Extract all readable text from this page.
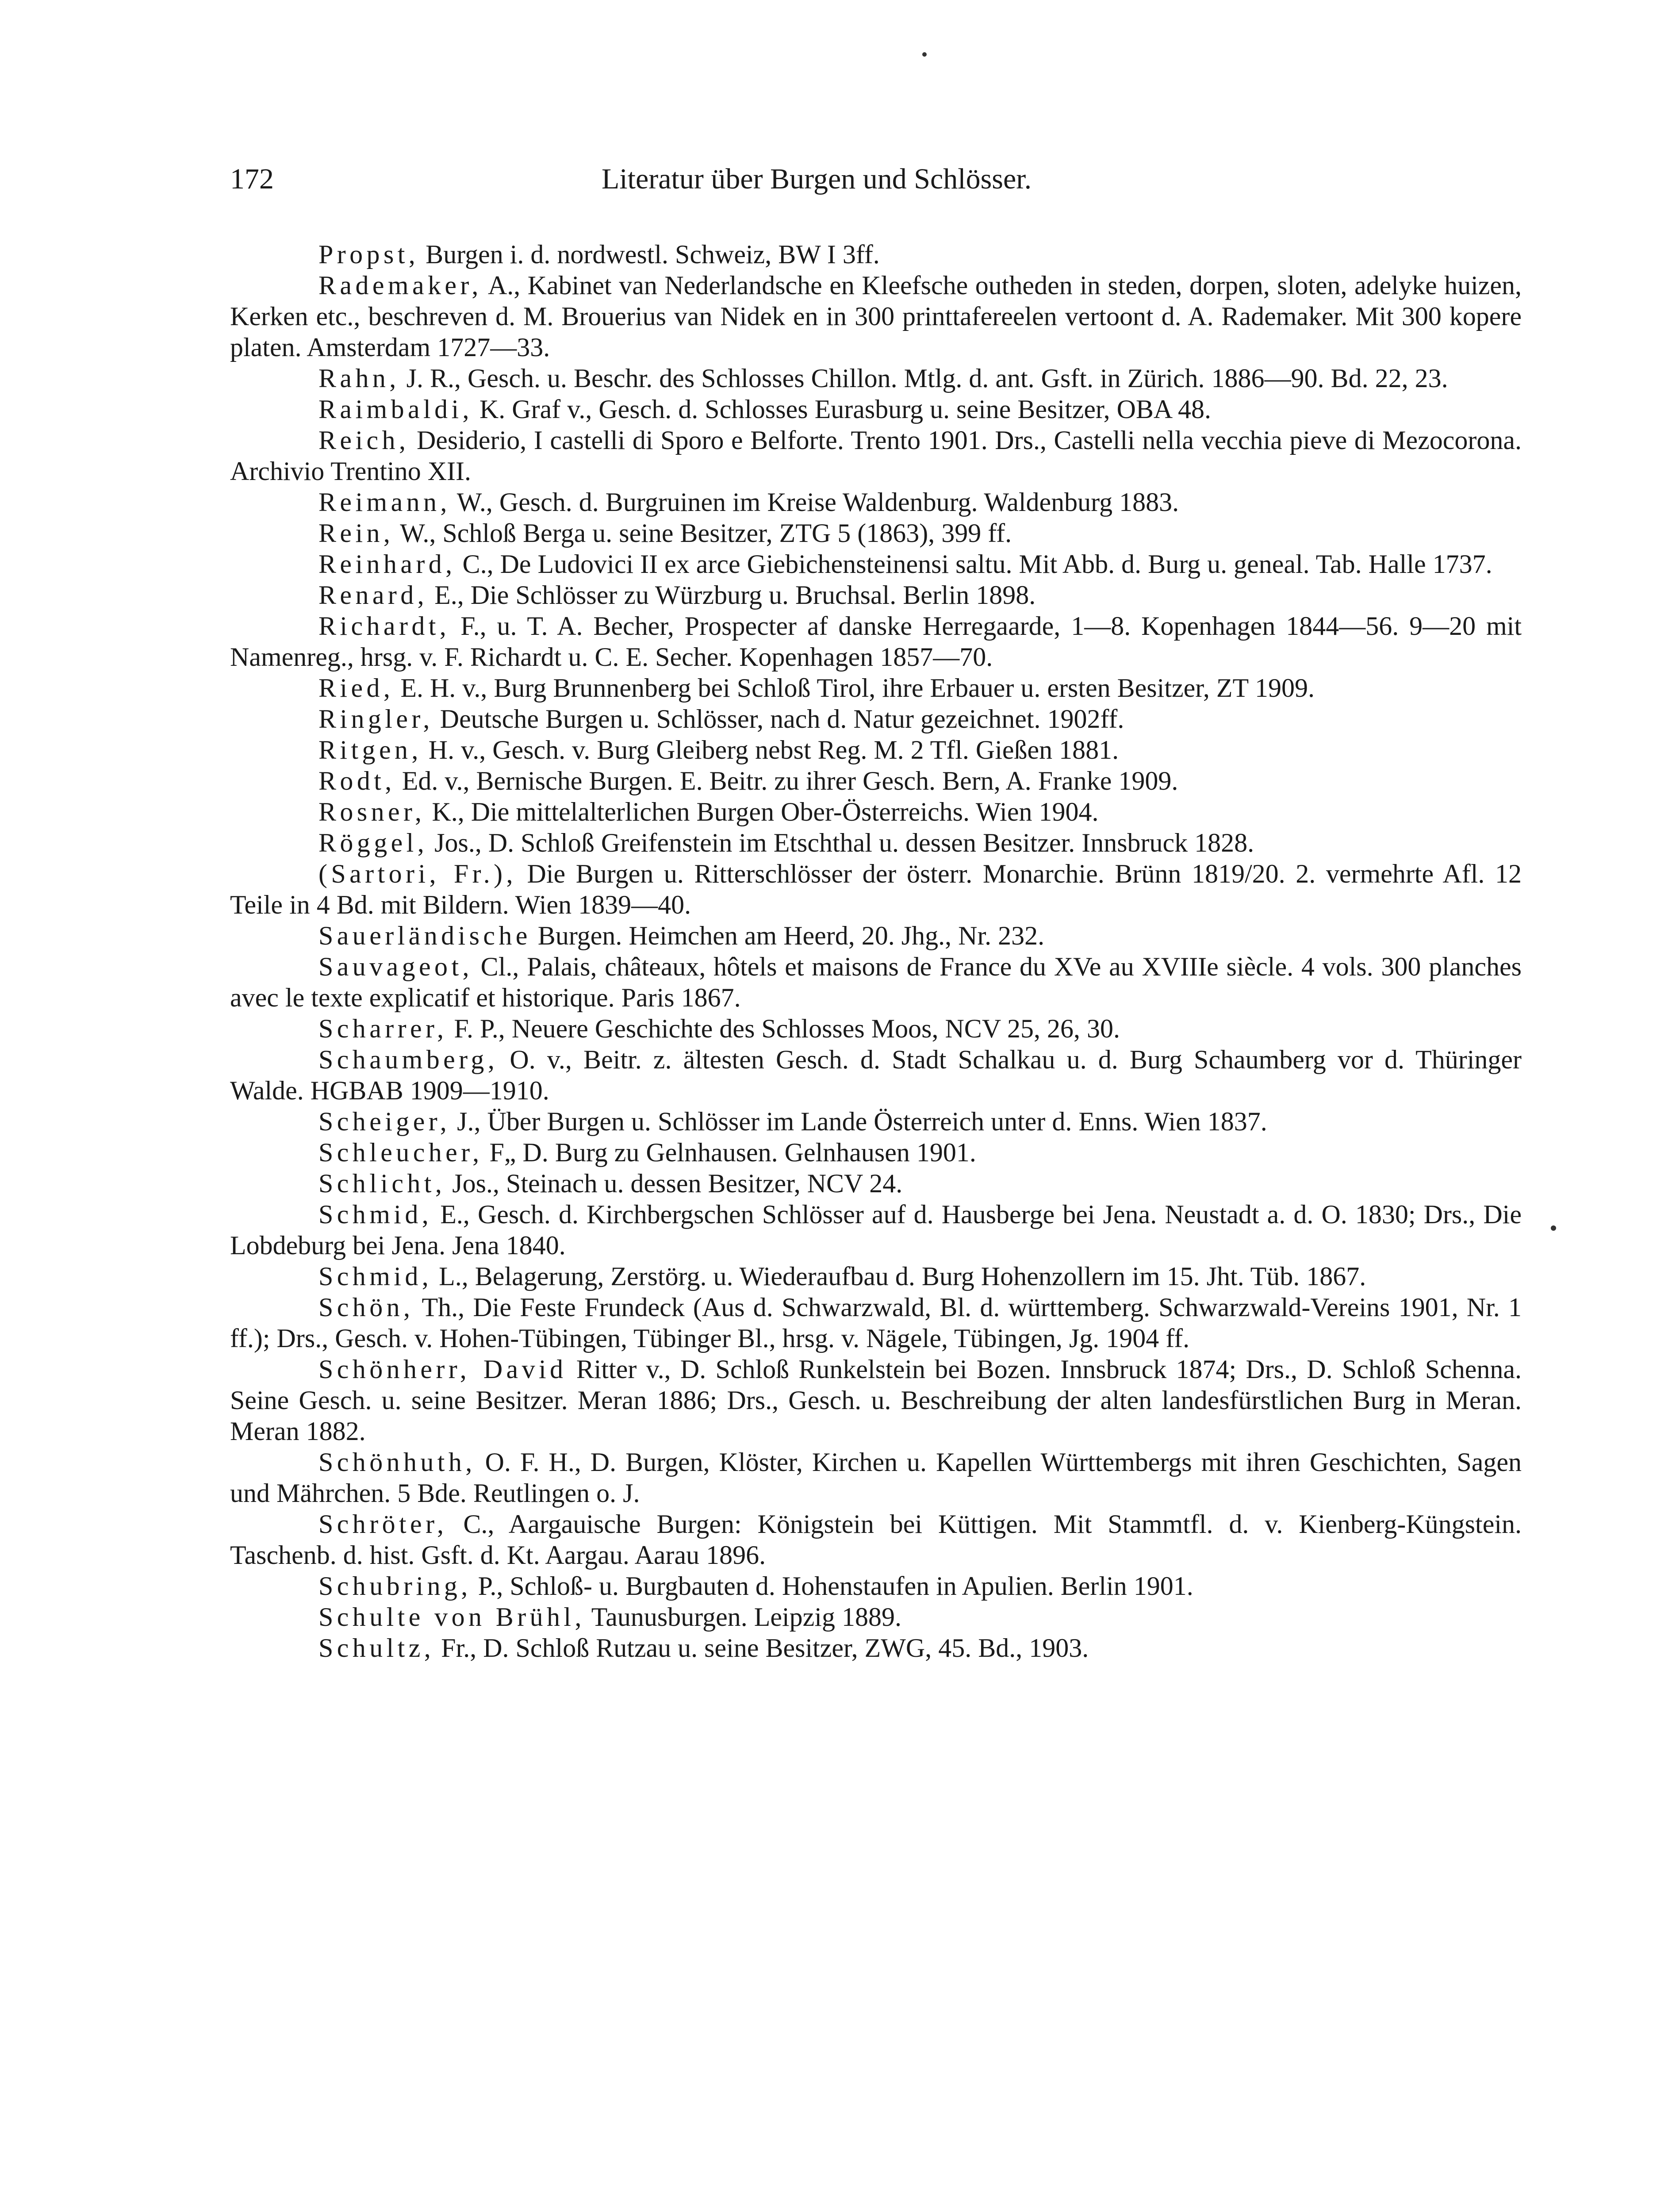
172	Literatur über Burgen und Schlösser.

Propst, Burgen i. d. nordwestl. Schweiz, BW I 3ff.

Rademaker, A., Kabinet van Nederlandsche en Kleefsche outheden in steden, dorpen, sloten, adelyke huizen, Kerken etc., beschreven d. M. Brouerius van Nidek en in 300 printtafereelen vertoont d. A. Rademaker. Mit 300 kopere platen. Amsterdam 1727—33.

Rahn, J. R., Gesch. u. Beschr. des Schlosses Chillon. Mtlg. d. ant. Gsft. in Zürich. 1886—90. Bd. 22, 23.

Raimbaldi, K. Graf v., Gesch. d. Schlosses Eurasburg u. seine Besitzer, OBA 48.

Reich, Desiderio, I castelli di Sporo e Belforte. Trento 1901. Drs., Castelli nella vecchia pieve di Mezocorona. Archivio Trentino XII.

Reimann, W., Gesch. d. Burgruinen im Kreise Waldenburg. Waldenburg 1883.

Rein, W., Schloß Berga u. seine Besitzer, ZTG 5 (1863), 399 ff.

Reinhard, C., De Ludovici II ex arce Giebichensteinensi saltu. Mit Abb. d. Burg u. geneal. Tab. Halle 1737.

Renard, E., Die Schlösser zu Würzburg u. Bruchsal. Berlin 1898.

Richardt, F., u. T. A. Becher, Prospecter af danske Herregaarde, 1—8. Kopenhagen 1844—56. 9—20 mit Namenreg., hrsg. v. F. Richardt u. C. E. Secher. Kopenhagen 1857—70.

Ried, E. H. v., Burg Brunnenberg bei Schloß Tirol, ihre Erbauer u. ersten Besitzer, ZT 1909.

Ringler, Deutsche Burgen u. Schlösser, nach d. Natur gezeichnet. 1902ff.

Ritgen, H. v., Gesch. v. Burg Gleiberg nebst Reg. M. 2 Tfl. Gießen 1881.

Rodt, Ed. v., Bernische Burgen. E. Beitr. zu ihrer Gesch. Bern, A. Franke 1909.

Rosner, K., Die mittelalterlichen Burgen Ober-Österreichs. Wien 1904.

Röggel, Jos., D. Schloß Greifenstein im Etschthal u. dessen Besitzer. Innsbruck 1828.

(Sartori, Fr.), Die Burgen u. Ritterschlösser der österr. Monarchie. Brünn 1819/20. 2. vermehrte Afl. 12 Teile in 4 Bd. mit Bildern. Wien 1839—40.

Sauerländische Burgen. Heimchen am Heerd, 20. Jhg., Nr. 232.

Sauvageot, Cl., Palais, châteaux, hôtels et maisons de France du XVe au XVIIIe siècle. 4 vols. 300 planches avec le texte explicatif et historique. Paris 1867.

Scharrer, F. P., Neuere Geschichte des Schlosses Moos, NCV 25, 26, 30.

Schaumberg, O. v., Beitr. z. ältesten Gesch. d. Stadt Schalkau u. d. Burg Schaumberg vor d. Thüringer Walde. HGBAB 1909—1910.

Scheiger, J., Über Burgen u. Schlösser im Lande Österreich unter d. Enns. Wien 1837.

Schleucher, F„ D. Burg zu Gelnhausen. Gelnhausen 1901.

Schlicht, Jos., Steinach u. dessen Besitzer, NCV 24.

Schmid, E., Gesch. d. Kirchbergschen Schlösser auf d. Hausberge bei Jena. Neustadt a. d. O. 1830; Drs., Die Lobdeburg bei Jena. Jena 1840.

Schmid, L., Belagerung, Zerstörg. u. Wiederaufbau d. Burg Hohenzollern im 15. Jht. Tüb. 1867.

Schön, Th., Die Feste Frundeck (Aus d. Schwarzwald, Bl. d. württemberg. Schwarzwald-Vereins 1901, Nr. 1 ff.); Drs., Gesch. v. Hohen-Tübingen, Tübinger Bl., hrsg. v. Nägele, Tübingen, Jg. 1904 ff.

Schönherr, David Ritter v., D. Schloß Runkelstein bei Bozen. Innsbruck 1874; Drs., D. Schloß Schenna. Seine Gesch. u. seine Besitzer. Meran 1886; Drs., Gesch. u. Beschreibung der alten landesfürstlichen Burg in Meran. Meran 1882.

Schönhuth, O. F. H., D. Burgen, Klöster, Kirchen u. Kapellen Württembergs mit ihren Geschichten, Sagen und Mährchen. 5 Bde. Reutlingen o. J.

Schröter, C., Aargauische Burgen: Königstein bei Küttigen. Mit Stammtfl. d. v. Kienberg-Küngstein. Taschenb. d. hist. Gsft. d. Kt. Aargau. Aarau 1896.

Schubring, P., Schloß- u. Burgbauten d. Hohenstaufen in Apulien. Berlin 1901.

Schulte von Brühl, Taunusburgen. Leipzig 1889.

Schultz, Fr., D. Schloß Rutzau u. seine Besitzer, ZWG, 45. Bd., 1903.
